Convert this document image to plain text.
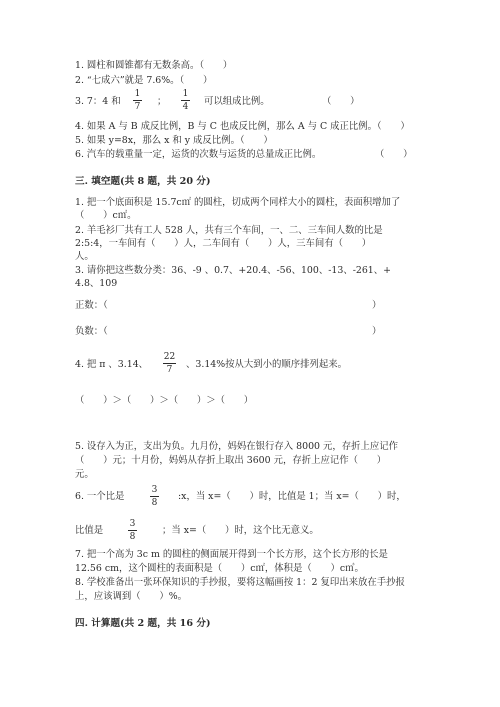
1. 圆柱和圆锥都有无数条高。（　　）
2. “七成六”就是 7.6%。（　　）
3. 7：4 和
1
7 ；
1
4 可以组成比例。	（　　）
4. 如果 A 与 B 成反比例，B 与 C 也成反比例，那么 A 与 C 成正比例。（　　）
5. 如果 y=8x，那么 x 和 y 成反比例。（　　）
6. 汽车的载重量一定，运货的次数与运货的总量成正比例。	（　　）
三. 填空题(共 8 题，共 20 分)
1. 把一个底面积是 15.7c㎡ 的圆柱，切成两个同样大小的圆柱，表面积增加了
（　　）c㎡。
2. 羊毛衫厂共有工人 528 人，共有三个车间，一、二、三车间人数的比是
2:5:4，一车间有（　　）人，二车间有（　　）人，三车间有（　　）
人。
3. 请你把这些数分类：36、-9 、0.7、+20.4、-56、100、-13、-261、+
4.8、109
正数：（	）
负数：（	）
4. 把 π 、3.14、
22
7 、3.14%按从大到小的顺序排列起来。
（　　）＞（　　）＞（　　）＞（　　）
5. 设存入为正，支出为负。九月份，妈妈在银行存入 8000 元，存折上应记作
（　　）元；十月份，妈妈从存折上取出 3600 元，存折上应记作（　　）
元。
6. 一个比是
3
8
:x，当 x=（　　）时，比值是 1；当 x=（　　）时，
比值是
3
8
；当 x=（　　）时，这个比无意义。
7. 把一个高为 3c m 的圆柱的侧面展开得到一个长方形，这个长方形的长是
12.56 cm，这个圆柱的表面积是（　　）c㎡，体积是（　　）c㎥。
8. 学校准备出一张环保知识的手抄报，要将这幅画按 1：2 复印出来放在手抄报
上，应该调到（　　）%。
四. 计算题(共 2 题，共 16 分)
